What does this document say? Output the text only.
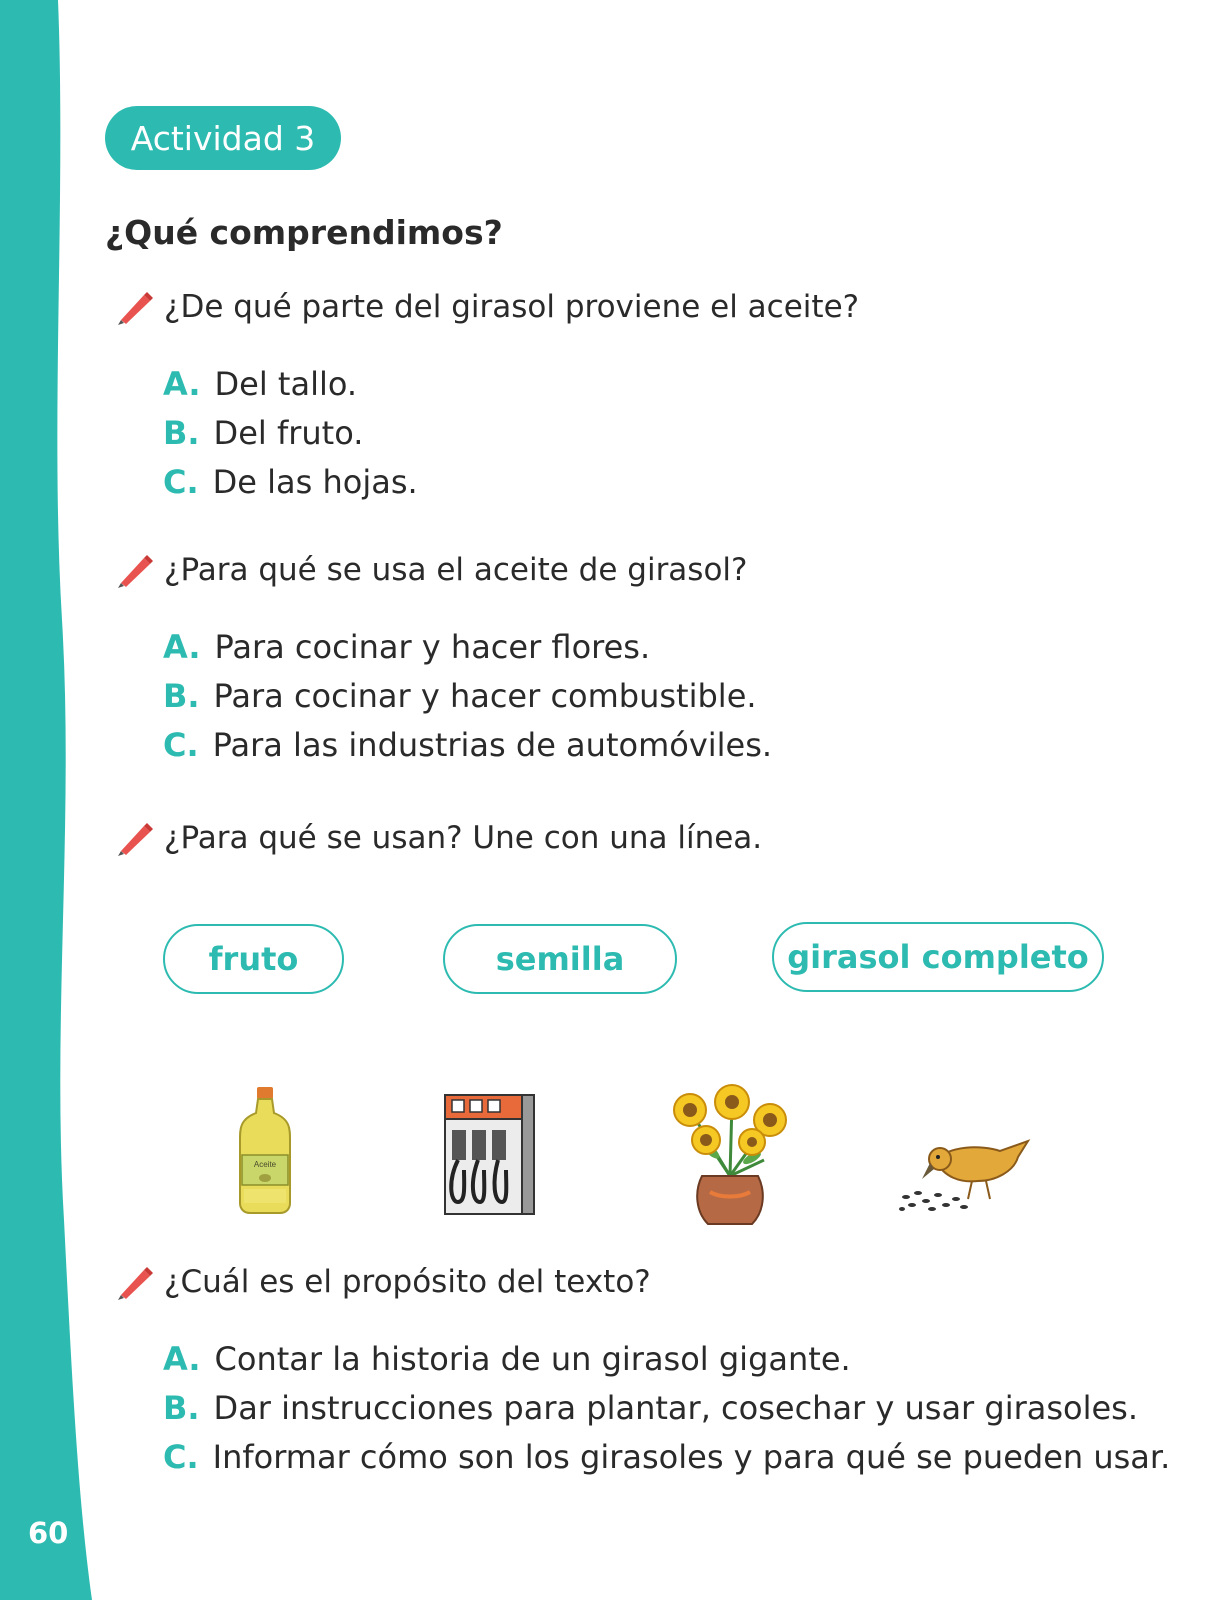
60
Actividad 3
¿Qué comprendimos?
¿De qué parte del girasol proviene el aceite?
A. Del tallo.
B. Del fruto.
C. De las hojas.
¿Para qué se usa el aceite de girasol?
A. Para cocinar y hacer flores.
B. Para cocinar y hacer combustible.
C. Para las industrias de automóviles.
¿Para qué se usan? Une con una línea.
fruto	semilla	girasol completo
Aceite
¿Cuál es el propósito del texto?
A. Contar la historia de un girasol gigante.
B. Dar instrucciones para plantar, cosechar y usar girasoles.
C. Informar cómo son los girasoles y para qué se pueden usar.
